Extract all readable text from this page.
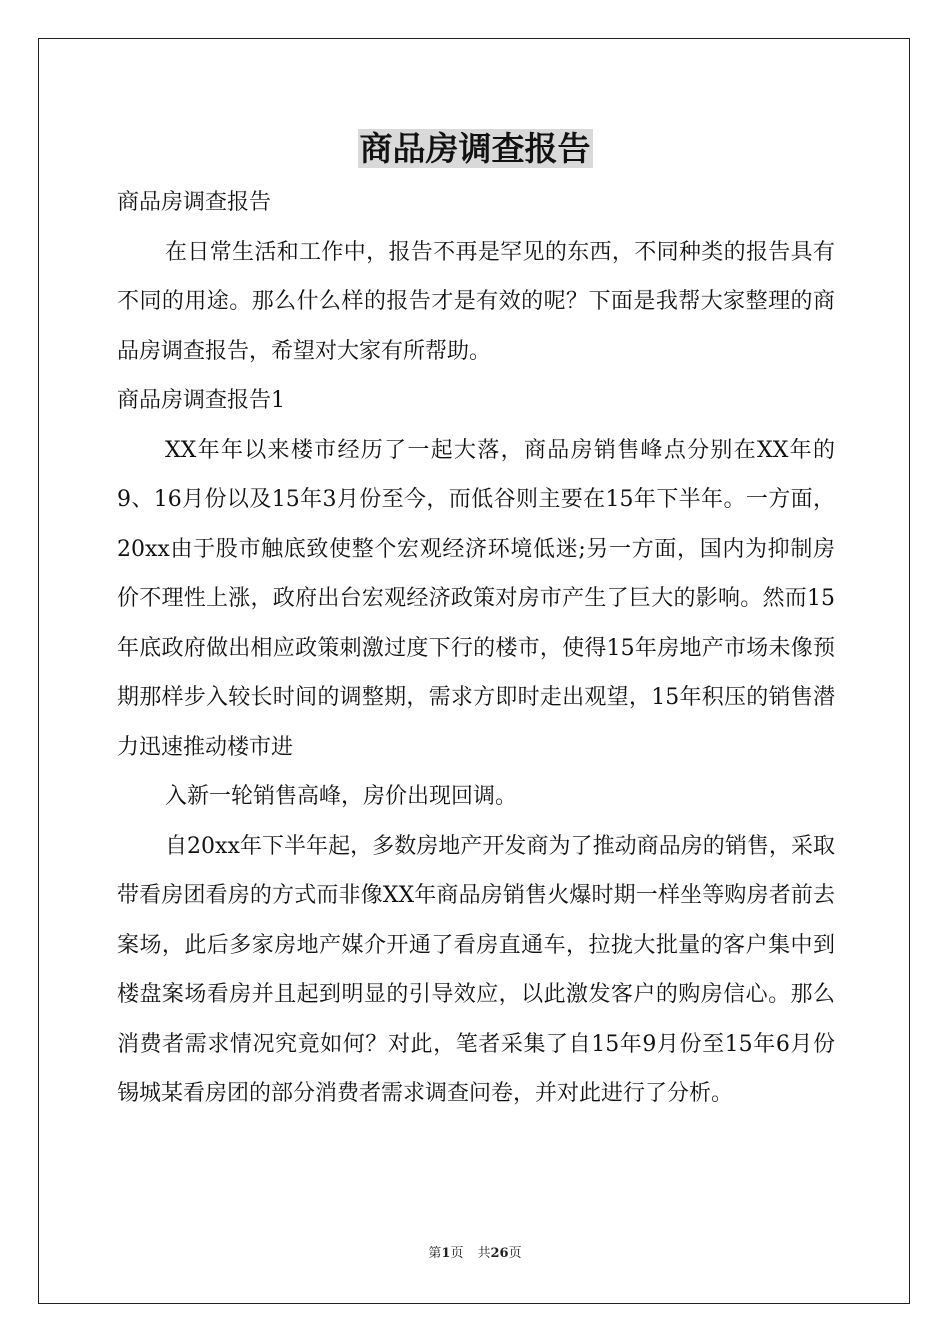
商品房调查报告

商品房调查报告

在日常生活和工作中，报告不再是罕见的东西，不同种类的报告具有不同的用途。那么什么样的报告才是有效的呢？下面是我帮大家整理的商品房调查报告，希望对大家有所帮助。

商品房调查报告1

XX年年以来楼市经历了一起大落，商品房销售峰点分别在XX年的9、16月份以及15年3月份至今，而低谷则主要在15年下半年。一方面，20xx由于股市触底致使整个宏观经济环境低迷;另一方面，国内为抑制房价不理性上涨，政府出台宏观经济政策对房市产生了巨大的影响。然而15年底政府做出相应政策刺激过度下行的楼市，使得15年房地产市场未像预期那样步入较长时间的调整期，需求方即时走出观望，15年积压的销售潜力迅速推动楼市进

入新一轮销售高峰，房价出现回调。

自20xx年下半年起，多数房地产开发商为了推动商品房的销售，采取带看房团看房的方式而非像XX年商品房销售火爆时期一样坐等购房者前去案场，此后多家房地产媒介开通了看房直通车，拉拢大批量的客户集中到楼盘案场看房并且起到明显的引导效应，以此激发客户的购房信心。那么消费者需求情况究竟如何？对此，笔者采集了自15年9月份至15年6月份锡城某看房团的部分消费者需求调查问卷，并对此进行了分析。

第1页 共26页
